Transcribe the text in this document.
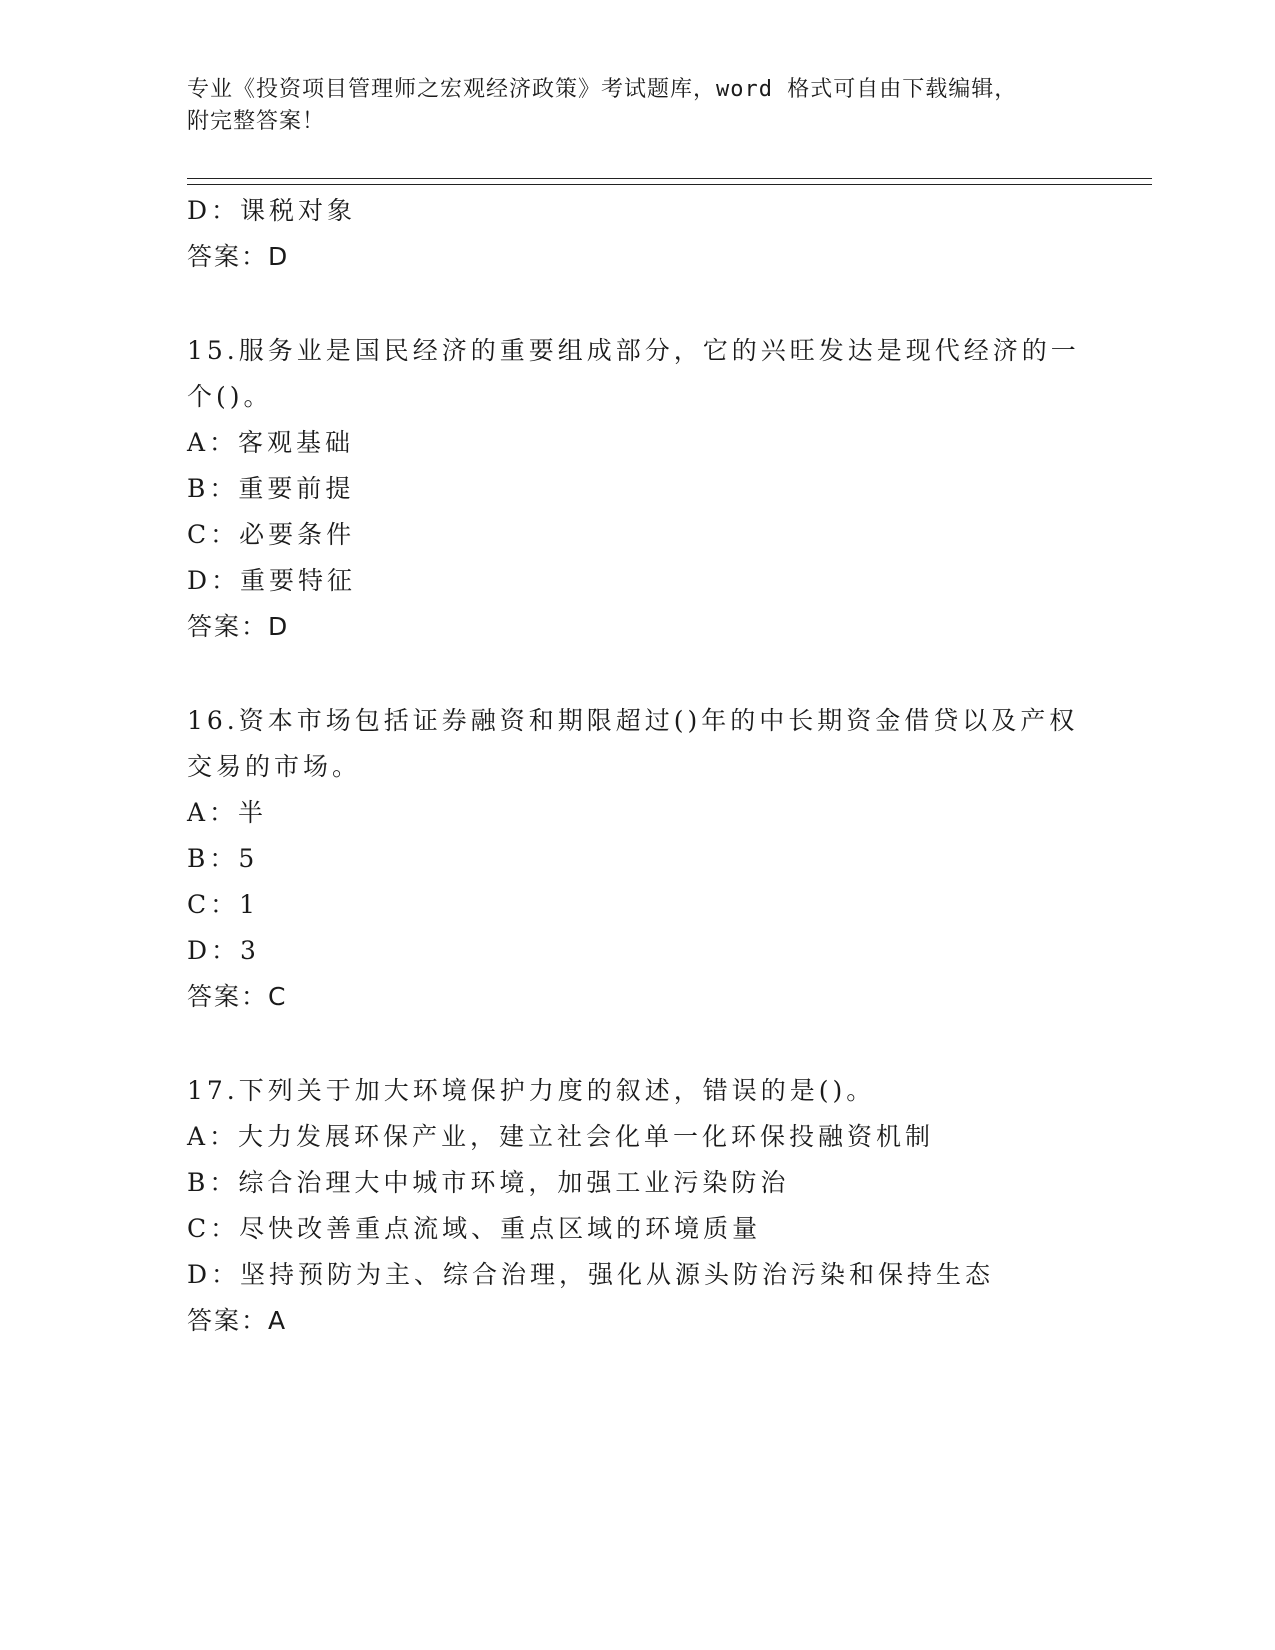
专业《投资项目管理师之宏观经济政策》考试题库，word 格式可自由下载编辑，
附完整答案！
D：课税对象
答案：D
15.服务业是国民经济的重要组成部分，它的兴旺发达是现代经济的一
个()。
A：客观基础
B：重要前提
C：必要条件
D：重要特征
答案：D
16.资本市场包括证券融资和期限超过()年的中长期资金借贷以及产权
交易的市场。
A：半
B：5
C：1
D：3
答案：C
17.下列关于加大环境保护力度的叙述，错误的是()。
A：大力发展环保产业，建立社会化单一化环保投融资机制
B：综合治理大中城市环境，加强工业污染防治
C：尽快改善重点流域、重点区域的环境质量
D：坚持预防为主、综合治理，强化从源头防治污染和保持生态
答案：A
